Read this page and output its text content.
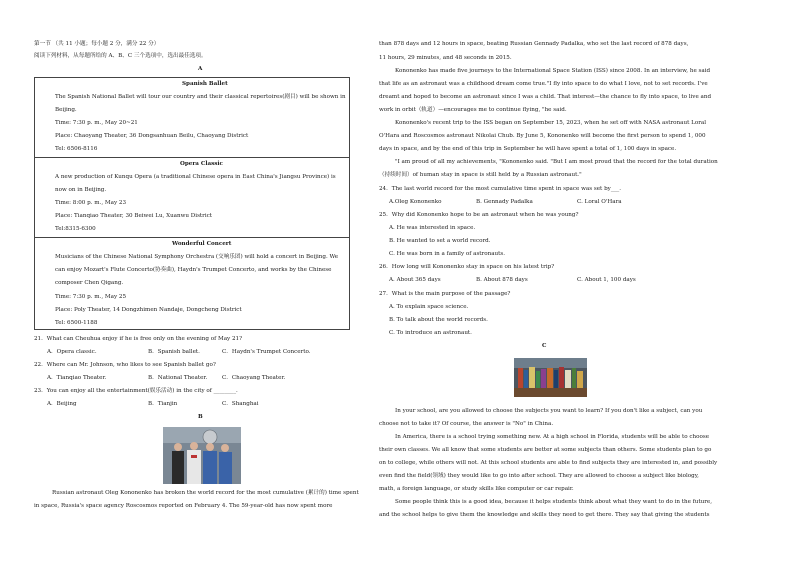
第一节 （共 11 小题；每小题 2 分，满分 22 分）
阅读下列材料，从每题所给的 A、B、C 三个选项中，选出最佳选项。
A
Spanish Ballet
The Spanish National Ballet will tour our country and their classical repertoires(剧目) will be shown in
Beijing.
Time: 7:30 p. m., May 20~21
Place: Chaoyang Theater, 36 Dongsanhuan Beilu, Chaoyang District
Tel: 6506-8116
Opera Classic
A new production of Kunqu Opera (a traditional Chinese opera in East China's Jiangsu Province) is
now on in Beijing.
Time: 8:00 p. m., May 23
Place: Tianqiao Theater, 30 Beiwei Lu, Xuanwu District
Tel:8315-6300
Wonderful Concert
Musicians of the Chinese National Symphony Orchestra (交响乐团) will hold a concert in Beijing. We
can enjoy Mozart's Flute Concerto(协奏曲), Haydn's Trumpet Concerto, and works by the Chinese
composer Chen Qigang.
Time: 7:30 p. m., May 25
Place: Poly Theater, 14 Dongzhimen Nandaje, Dongcheng District
Tel: 6500-1188
21．What can Cheuhua enjoy if he is free only on the evening of May 21?
A．Opera classic.	B．Spanish ballet.	C．Haydn's Trumpet Concerto.
22．Where can Mr. Johnson, who likes to see Spanish ballet go?
A．Tianqiao Theater.	B．National Theater.	C．Chaoyang Theater.
23．You can enjoy all the entertainment(娱乐活动) in the city of ________.
A．Beijing	B．Tianjin	C．Shanghai
B
Russian astronaut Oleg Kononenko has broken the world record for the most cumulative (累计的) time spent
in space, Russia's space agency Roscosmos reported on February 4. The 59-year-old has now spent more
than 878 days and 12 hours in space, beating Russian Gennady Padalka, who set the last record of 878 days,
11 hours, 29 minutes, and 48 seconds in 2015.
Kononenko has made five journeys to the International Space Station (ISS) since 2008. In an interview, he said
that life as an astronaut was a childhood dream come true."I fly into space to do what I love, not to set records. I've
dreamt and hoped to become an astronaut since I was a child. That interest—the chance to fly into space, to live and
work in orbit（轨道）—encourages me to continue flying, "he said.
Kononenko's recent trip to the ISS began on September 15, 2023, when he set off with NASA astronaut Loral
O'Hara and Roscosmos astronaut Nikolai Chub. By June 5, Kononenko will become the first person to spend 1, 000
days in space, and by the end of this trip in September he will have spent a total of 1, 100 days in space.
"I am proud of all my achievements, "Kononenko said. "But I am most proud that the record for the total duration
（持续时间）of human stay in space is still held by a Russian astronaut."
24．The last world record for the most cumulative time spent in space was set by___.
A.Oleg Kononenko	B. Gennady Padalka	C. Loral O'Hara
25．Why did Kononenko hope to be an astronaut when he was young?
A. He was interested in space.
B. He wanted to set a world record.
C. He was born in a family of astronauts.
26．How long will Kononenko stay in space on his latest trip?
A. About 365 days	B. About 878 days	C. About 1, 100 days
27．What is the main purpose of the passage?
A. To explain space science.
B. To talk about the world records.
C. To introduce an astronaut.
C
In your school, are you allowed to choose the subjects you want to learn? If you don't like a subject, can you
choose not to take it? Of course, the answer is "No" in China.
In America, there is a school trying something new. At a high school in Florida, students will be able to choose
their own classes. We all know that some students are better at some subjects than others. Some students plan to go
on to college, while others will not. At this school students are able to find subjects they are interested in, and possibly
even find the field(领域) they would like to go into after school. They are allowed to choose a subject like biology,
math, a foreign language, or study skills like computer or car repair.
Some people think this is a good idea, because it helps students think about what they want to do in the future,
and the school helps to give them the knowledge and skills they need to get there. They say that giving the students
